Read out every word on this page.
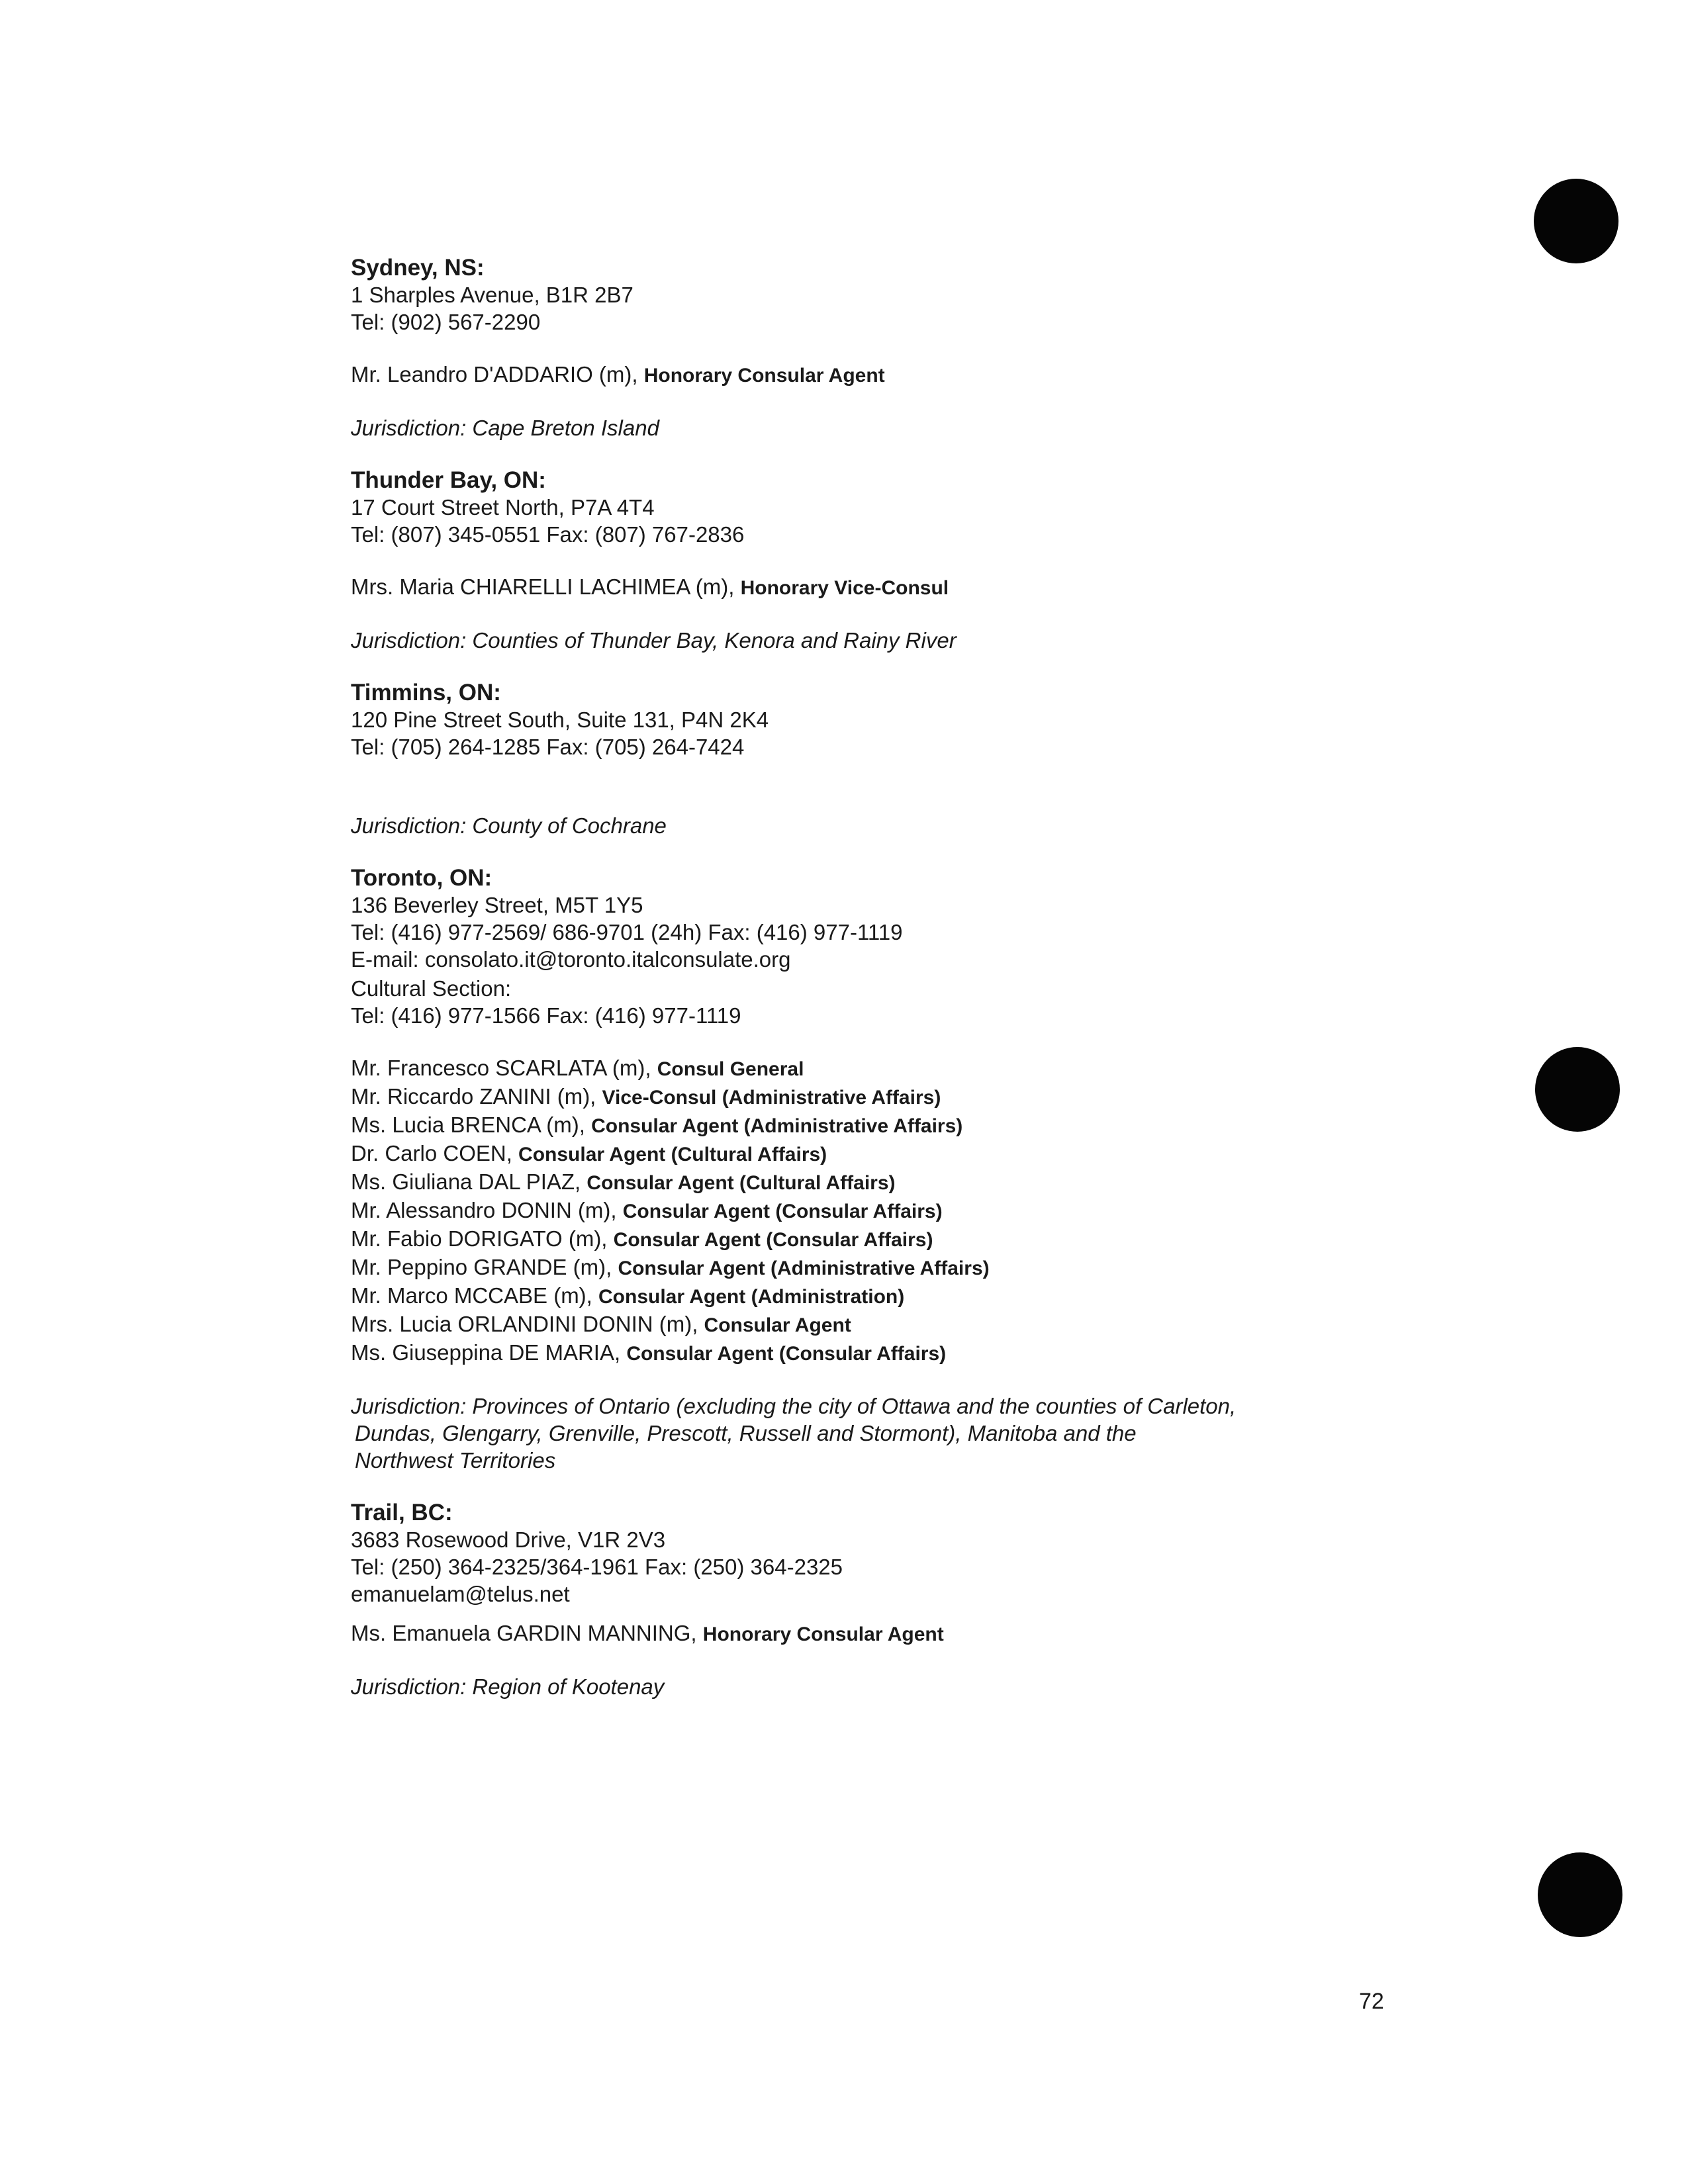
Sydney, NS:
1 Sharples Avenue, B1R 2B7
Tel: (902) 567-2290
Mr. Leandro D'ADDARIO (m), Honorary Consular Agent
Jurisdiction: Cape Breton Island
Thunder Bay, ON:
17 Court Street North, P7A 4T4
Tel: (807) 345-0551 Fax: (807) 767-2836
Mrs. Maria CHIARELLI LACHIMEA (m), Honorary Vice-Consul
Jurisdiction: Counties of Thunder Bay, Kenora and Rainy River
Timmins, ON:
120 Pine Street South, Suite 131, P4N 2K4
Tel: (705) 264-1285 Fax: (705) 264-7424
Jurisdiction: County of Cochrane
Toronto, ON:
136 Beverley Street, M5T 1Y5
Tel: (416) 977-2569/ 686-9701 (24h) Fax: (416) 977-1119
E-mail: consolato.it@toronto.italconsulate.org
Cultural Section:
Tel: (416) 977-1566 Fax: (416) 977-1119
Mr. Francesco SCARLATA (m), Consul General
Mr. Riccardo ZANINI (m), Vice-Consul (Administrative Affairs)
Ms. Lucia BRENCA (m), Consular Agent (Administrative Affairs)
Dr. Carlo COEN, Consular Agent (Cultural Affairs)
Ms. Giuliana DAL PIAZ, Consular Agent (Cultural Affairs)
Mr. Alessandro DONIN (m), Consular Agent (Consular Affairs)
Mr. Fabio DORIGATO (m), Consular Agent (Consular Affairs)
Mr. Peppino GRANDE (m), Consular Agent (Administrative Affairs)
Mr. Marco MCCABE (m), Consular Agent (Administration)
Mrs. Lucia ORLANDINI DONIN (m), Consular Agent
Ms. Giuseppina DE MARIA, Consular Agent (Consular Affairs)
Jurisdiction: Provinces of Ontario (excluding the city of Ottawa and the counties of Carleton,
Dundas, Glengarry, Grenville, Prescott, Russell and Stormont), Manitoba and the
Northwest Territories
Trail, BC:
3683 Rosewood Drive, V1R 2V3
Tel: (250) 364-2325/364-1961 Fax: (250) 364-2325
emanuelam@telus.net
Ms. Emanuela GARDIN MANNING, Honorary Consular Agent
Jurisdiction: Region of Kootenay
72
